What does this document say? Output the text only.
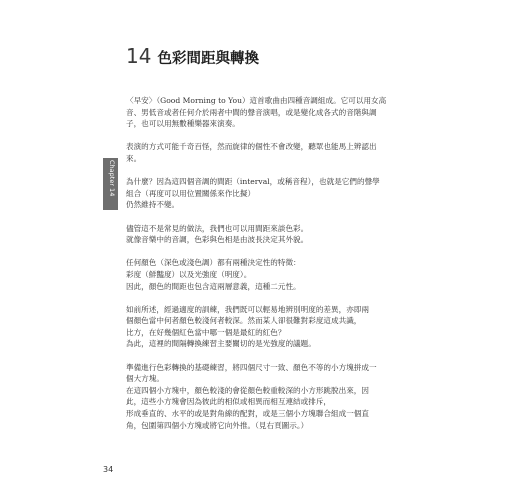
14 色彩間距與轉換
Chapter 14

〈早安〉（Good Morning to You）這首歌曲由四種音調組成。它可以用女高
音、男低音或者任何介於兩者中間的聲音演唱，或是變化成各式的音階與調
子，也可以用無數種樂器來演奏。

表演的方式可能千奇百怪，然而旋律的個性不會改變，聽眾也能馬上辨認出
來。

為什麼？因為這四個音調的間距（interval，或稱音程），也就是它們的聲學
組合（再度可以用位置關係來作比擬）
仍然維持不變。

儘管這不是常見的做法，我們也可以用間距來談色彩。
就像音樂中的音調，色彩與色相是由波長決定其外貌。

任何顏色（深色或淺色調）都有兩種決定性的特徵：
彩度（鮮豔度）以及光強度（明度）。
因此，顏色的間距也包含這兩層意義，這種二元性。

如前所述，經過適度的訓練，我們既可以輕易地辨別明度的差異，亦即兩
個顏色當中何者顏色較淺何者較深。然而某人卻很難對彩度這成共識，
比方，在好幾個紅色當中哪一個是最紅的紅色？
為此，這裡的間隔轉換練習主要關切的是光強度的議題。

準備進行色彩轉換的基礎練習，將四個尺寸一致、顏色不等的小方塊拼成一
個大方塊。
在這四個小方塊中，顏色較淺的會從顏色較重較深的小方形跳脫出來，因
此，這些小方塊會因為彼此的相似或相異而相互連結或排斥，
形成垂直的、水平的或是對角線的配對，或是三個小方塊聯合組成一個直
角，包圍第四個小方塊或將它向外推。（見右頁圖示。）

34
